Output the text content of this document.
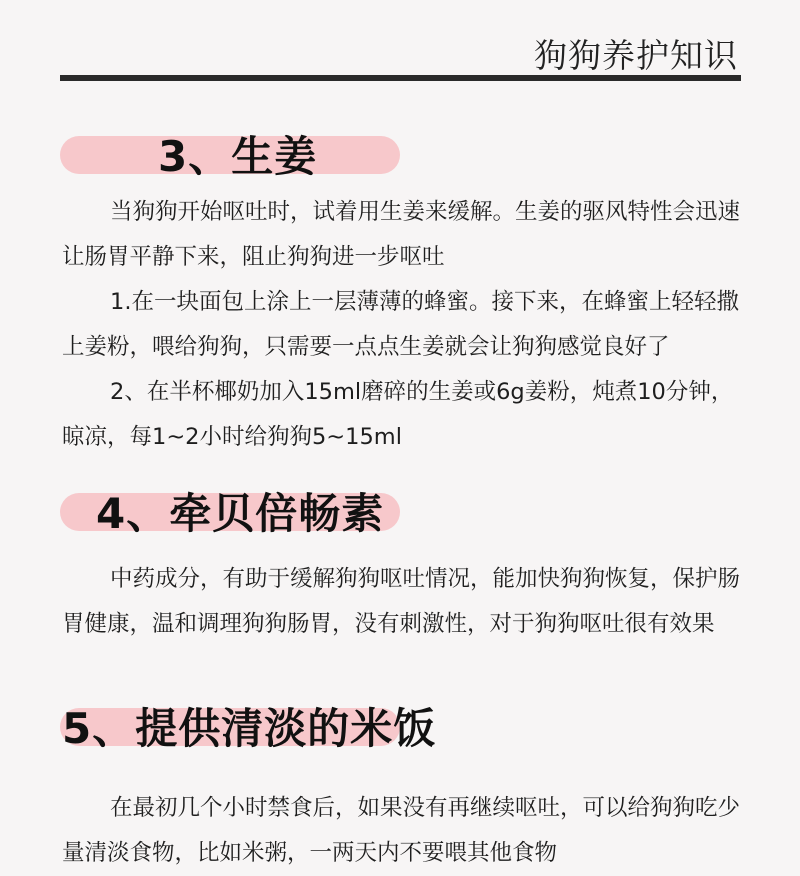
狗狗养护知识
3、生姜

当狗狗开始呕吐时，试着用生姜来缓解。生姜的驱风特性会迅速让肠胃平静下来，阻止狗狗进一步呕吐

1.在一块面包上涂上一层薄薄的蜂蜜。接下来，在蜂蜜上轻轻撒上姜粉，喂给狗狗，只需要一点点生姜就会让狗狗感觉良好了

2、在半杯椰奶加入15ml磨碎的生姜或6g姜粉，炖煮10分钟，晾凉，每1~2小时给狗狗5~15ml

4、牵贝倍畅素

中药成分，有助于缓解狗狗呕吐情况，能加快狗狗恢复，保护肠胃健康，温和调理狗狗肠胃，没有刺激性，对于狗狗呕吐很有效果

5、提供清淡的米饭

在最初几个小时禁食后，如果没有再继续呕吐，可以给狗狗吃少量清淡食物，比如米粥，一两天内不要喂其他食物
